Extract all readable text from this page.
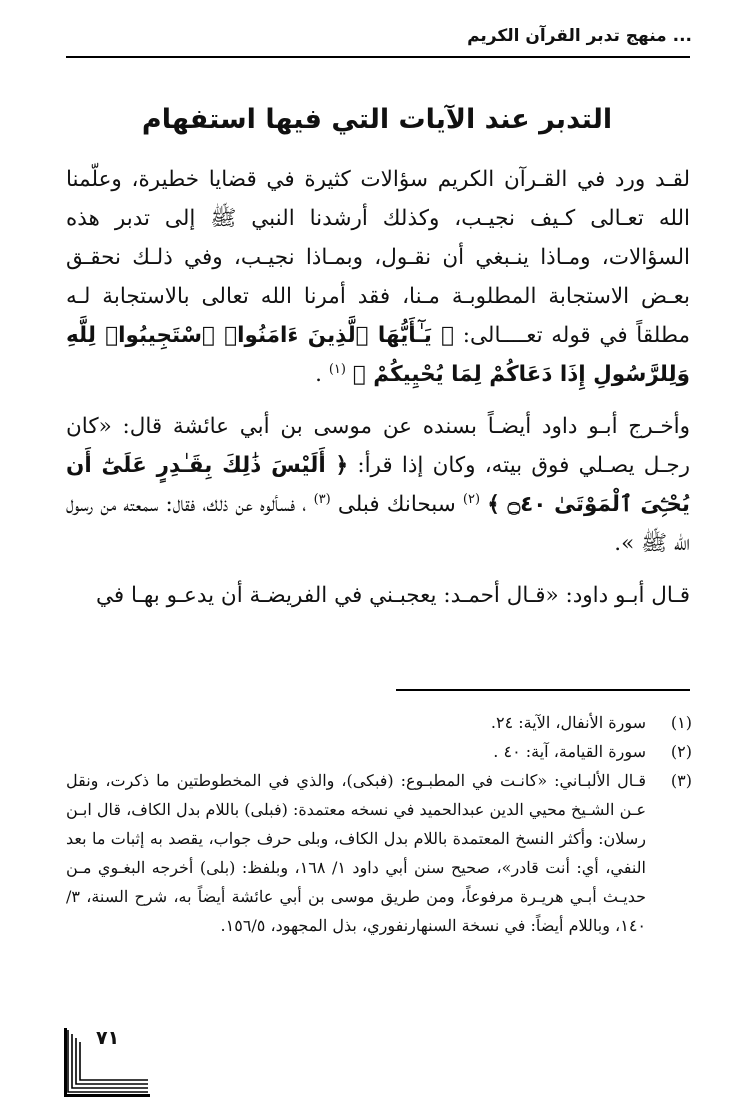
... منهج تدبر القرآن الكريم
التدبر عند الآيات التي فيها استفهام

لقـد ورد في القـرآن الكريم سؤالات كثيرة في قضايا خطيرة، وعلّمنا الله تعـالى كـيف نجيـب، وكذلك أرشدنا النبي ﷺ إلى تدبر هذه السؤالات، ومـاذا ينـبغي أن نقـول، وبمـاذا نجيـب، وفي ذلـك نحقـق بعـض الاستجابة المطلوبـة مـنا، فقد أمرنا الله تعالى بالاستجابة لـه مطلقاً في قوله تعــــالى: ﴿ يَـٰٓأَيُّهَا ٱلَّذِينَ ءَامَنُوا۟ ٱسْتَجِيبُوا۟ لِلَّهِ وَلِلرَّسُولِ إِذَا دَعَاكُمْ لِمَا يُحْيِيكُمْ ﴾ $^{(١)}$ .

وأخـرج أبـو داود أيضـاً بسنده عن موسى بن أبي عائشة قال: «كان رجـل يصـلي فوق بيته، وكان إذا قرأ: ﴿ أَلَيْسَ ذَٰلِكَ بِقَـٰدِرٍ عَلَىٰٓ أَن يُحْـِۧىَ ٱلْمَوْتَىٰ ۝٤٠ ﴾ $^{(٢)}$ سبحانك فبلى $^{(٣)}$ ، فسألوه عن ذلك، فقال: سمعته من رسول الله ﷺ ».

قـال أبـو داود: «قـال أحمـد: يعجبـني في الفريضـة أن يدعـو بهـا في

(١)
سورة الأنفال، الآية: ٢٤.
(٢)
سورة القيامة، آية: ٤٠ .
(٣)
قـال الألبـاني: «كانـت في المطبـوع: (فبكى)، والذي في المخطوطتين ما ذكرت، ونقل عـن الشـيخ محيي الدين عبدالحميد في نسخه معتمدة: (فبلى) باللام بدل الكاف، قال ابـن رسلان: وأكثر النسخ المعتمدة باللام بدل الكاف، وبلى حرف جواب، يقصد به إثبات ما بعد النفي، أي: أنت قادر»، صحيح سنن أبي داود ١/ ١٦٨، وبلفظ: (بلى) أخرجه البغـوي مـن حديـث أبـي هريـرة مرفوعاً، ومن طريق موسى بن أبي عائشة أيضاً به، شرح السنة، ٣/ ١٤٠، وباللام أيضاً: في نسخة السنهارنفوري، بذل المجهود، ١٥٦/٥.
٧١
